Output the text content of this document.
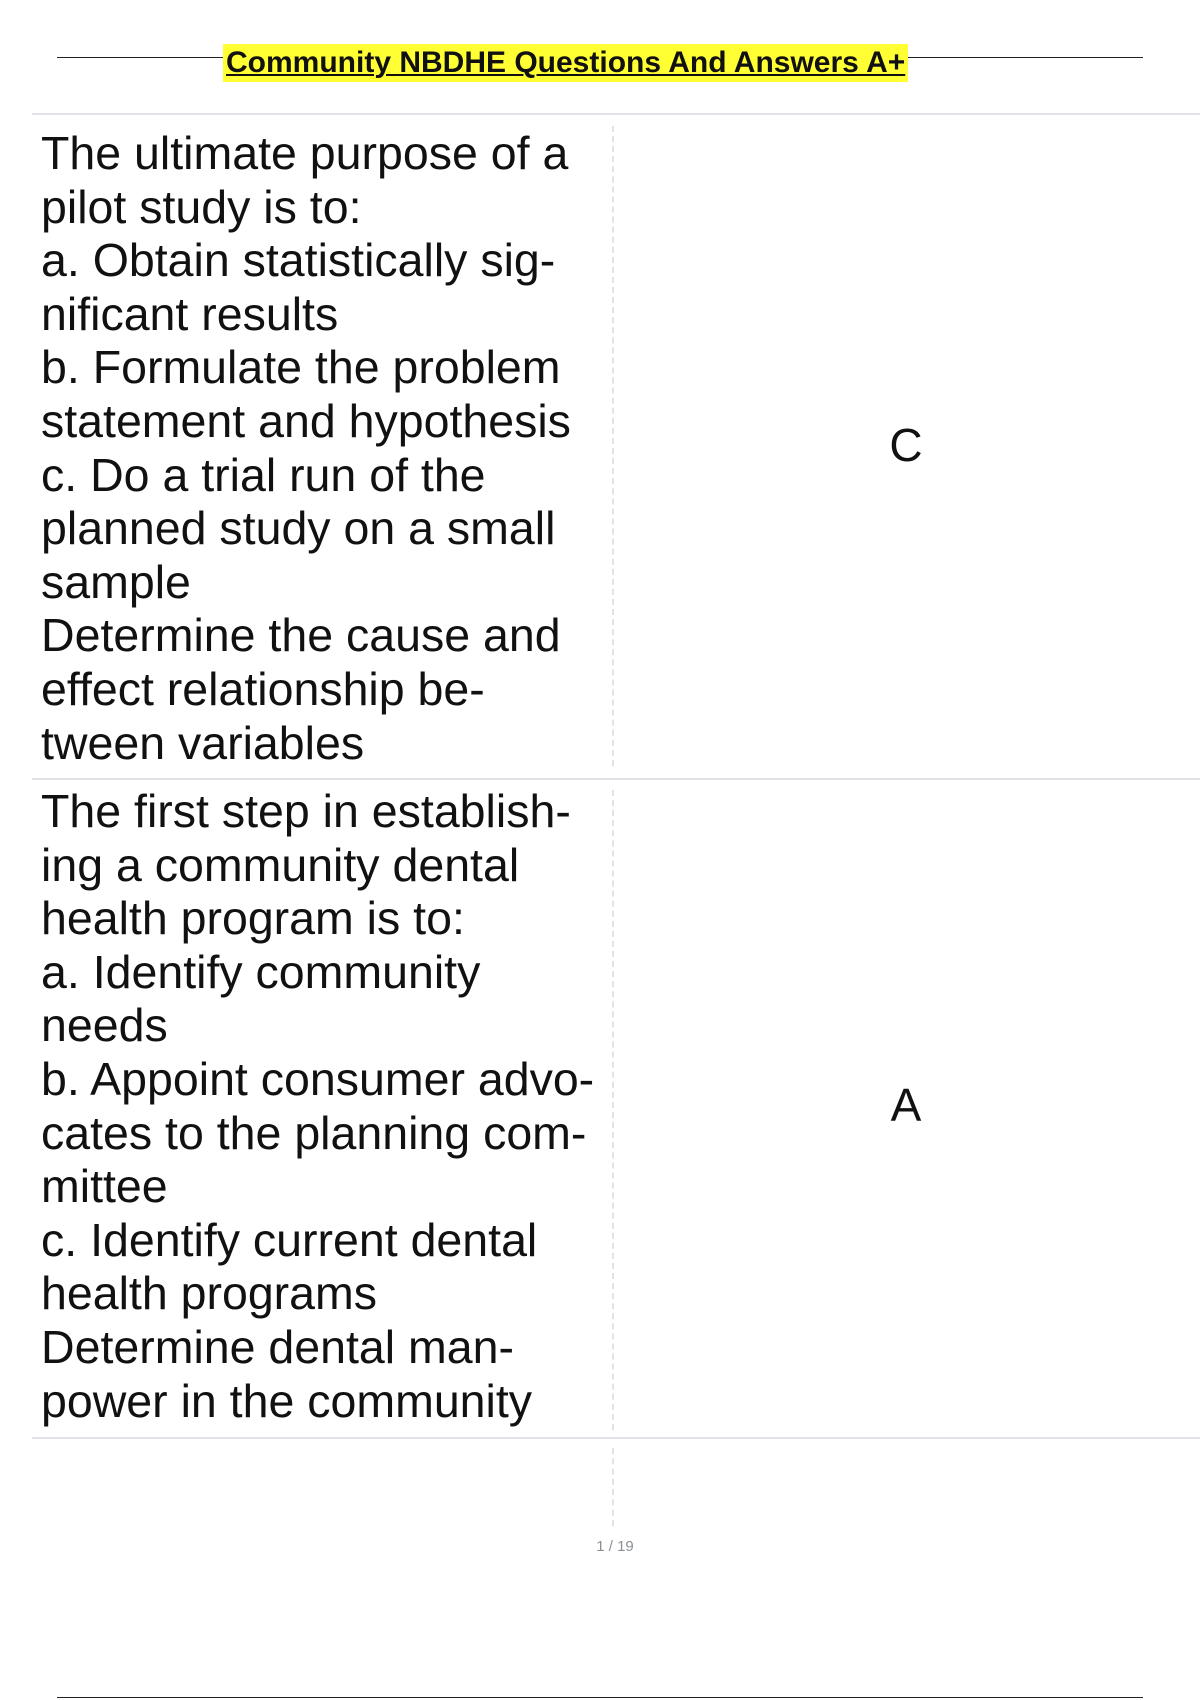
Community NBDHE Questions And Answers A+

The ultimate purpose of a
pilot study is to:
a. Obtain statistically sig-
nificant results
b. Formulate the problem
statement and hypothesis
c. Do a trial run of the
planned study on a small
sample
Determine the cause and
effect relationship be-
tween variables

C

The first step in establish-
ing a community dental
health program is to:
a. Identify community
needs
b. Appoint consumer advo-
cates to the planning com-
mittee
c. Identify current dental
health programs
Determine dental man-
power in the community

A
1 / 19
